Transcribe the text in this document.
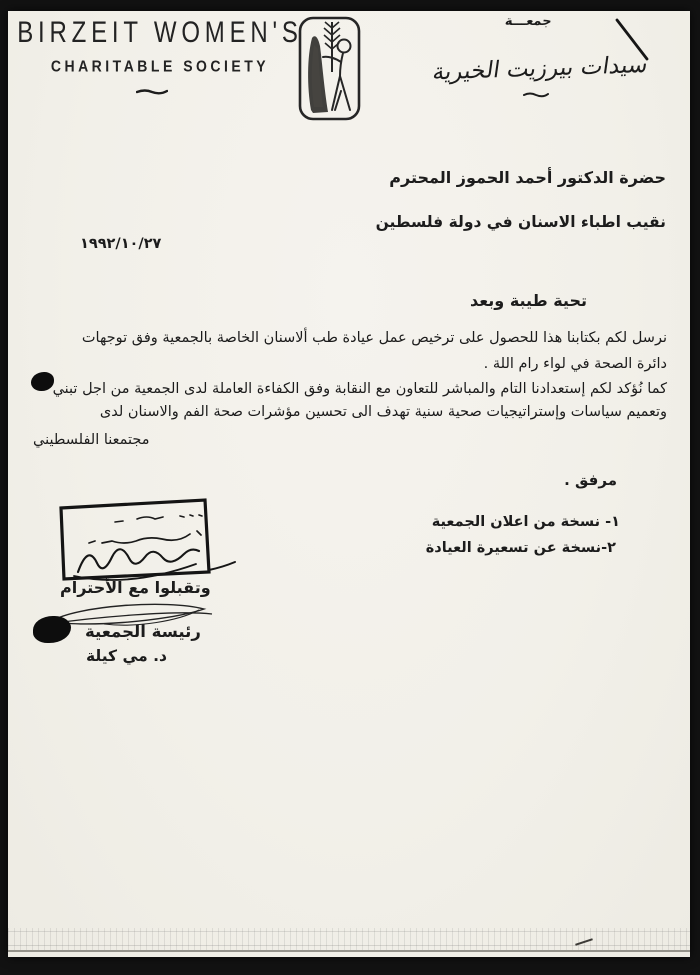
BIRZEIT WOMEN'S
CHARITABLE SOCIETY
جمعـــة
سيدات بيرزيت الخيرية
حضرة الدكتور أحمد الحموز المحترم
نقيب اطباء الاسنان في دولة فلسطين
١٩٩٢/١٠/٢٧
تحية طيبة وبعد
نرسل لكم بكتابنا هذا للحصول على ترخيص عمل عيادة طب ألاسنان الخاصة بالجمعية وفق توجهات
دائرة الصحة في لواء رام اللة .
كما نُؤكد لكم إستعدادنا التام والمباشر للتعاون مع النقابة وفق الكفاءة العاملة لدى الجمعية من اجل تبني
وتعميم سياسات وإستراتيجيات صحية سنية تهدف الى تحسين مؤشرات صحة الفم والاسنان لدى
مجتمعنا الفلسطيني
مرفق .
١- نسخة من اعلان الجمعية
٢-نسخة عن تسعيرة العيادة
وتقبلوا مع الأحترام
رئيسة الجمعية
د. مي كيلة
